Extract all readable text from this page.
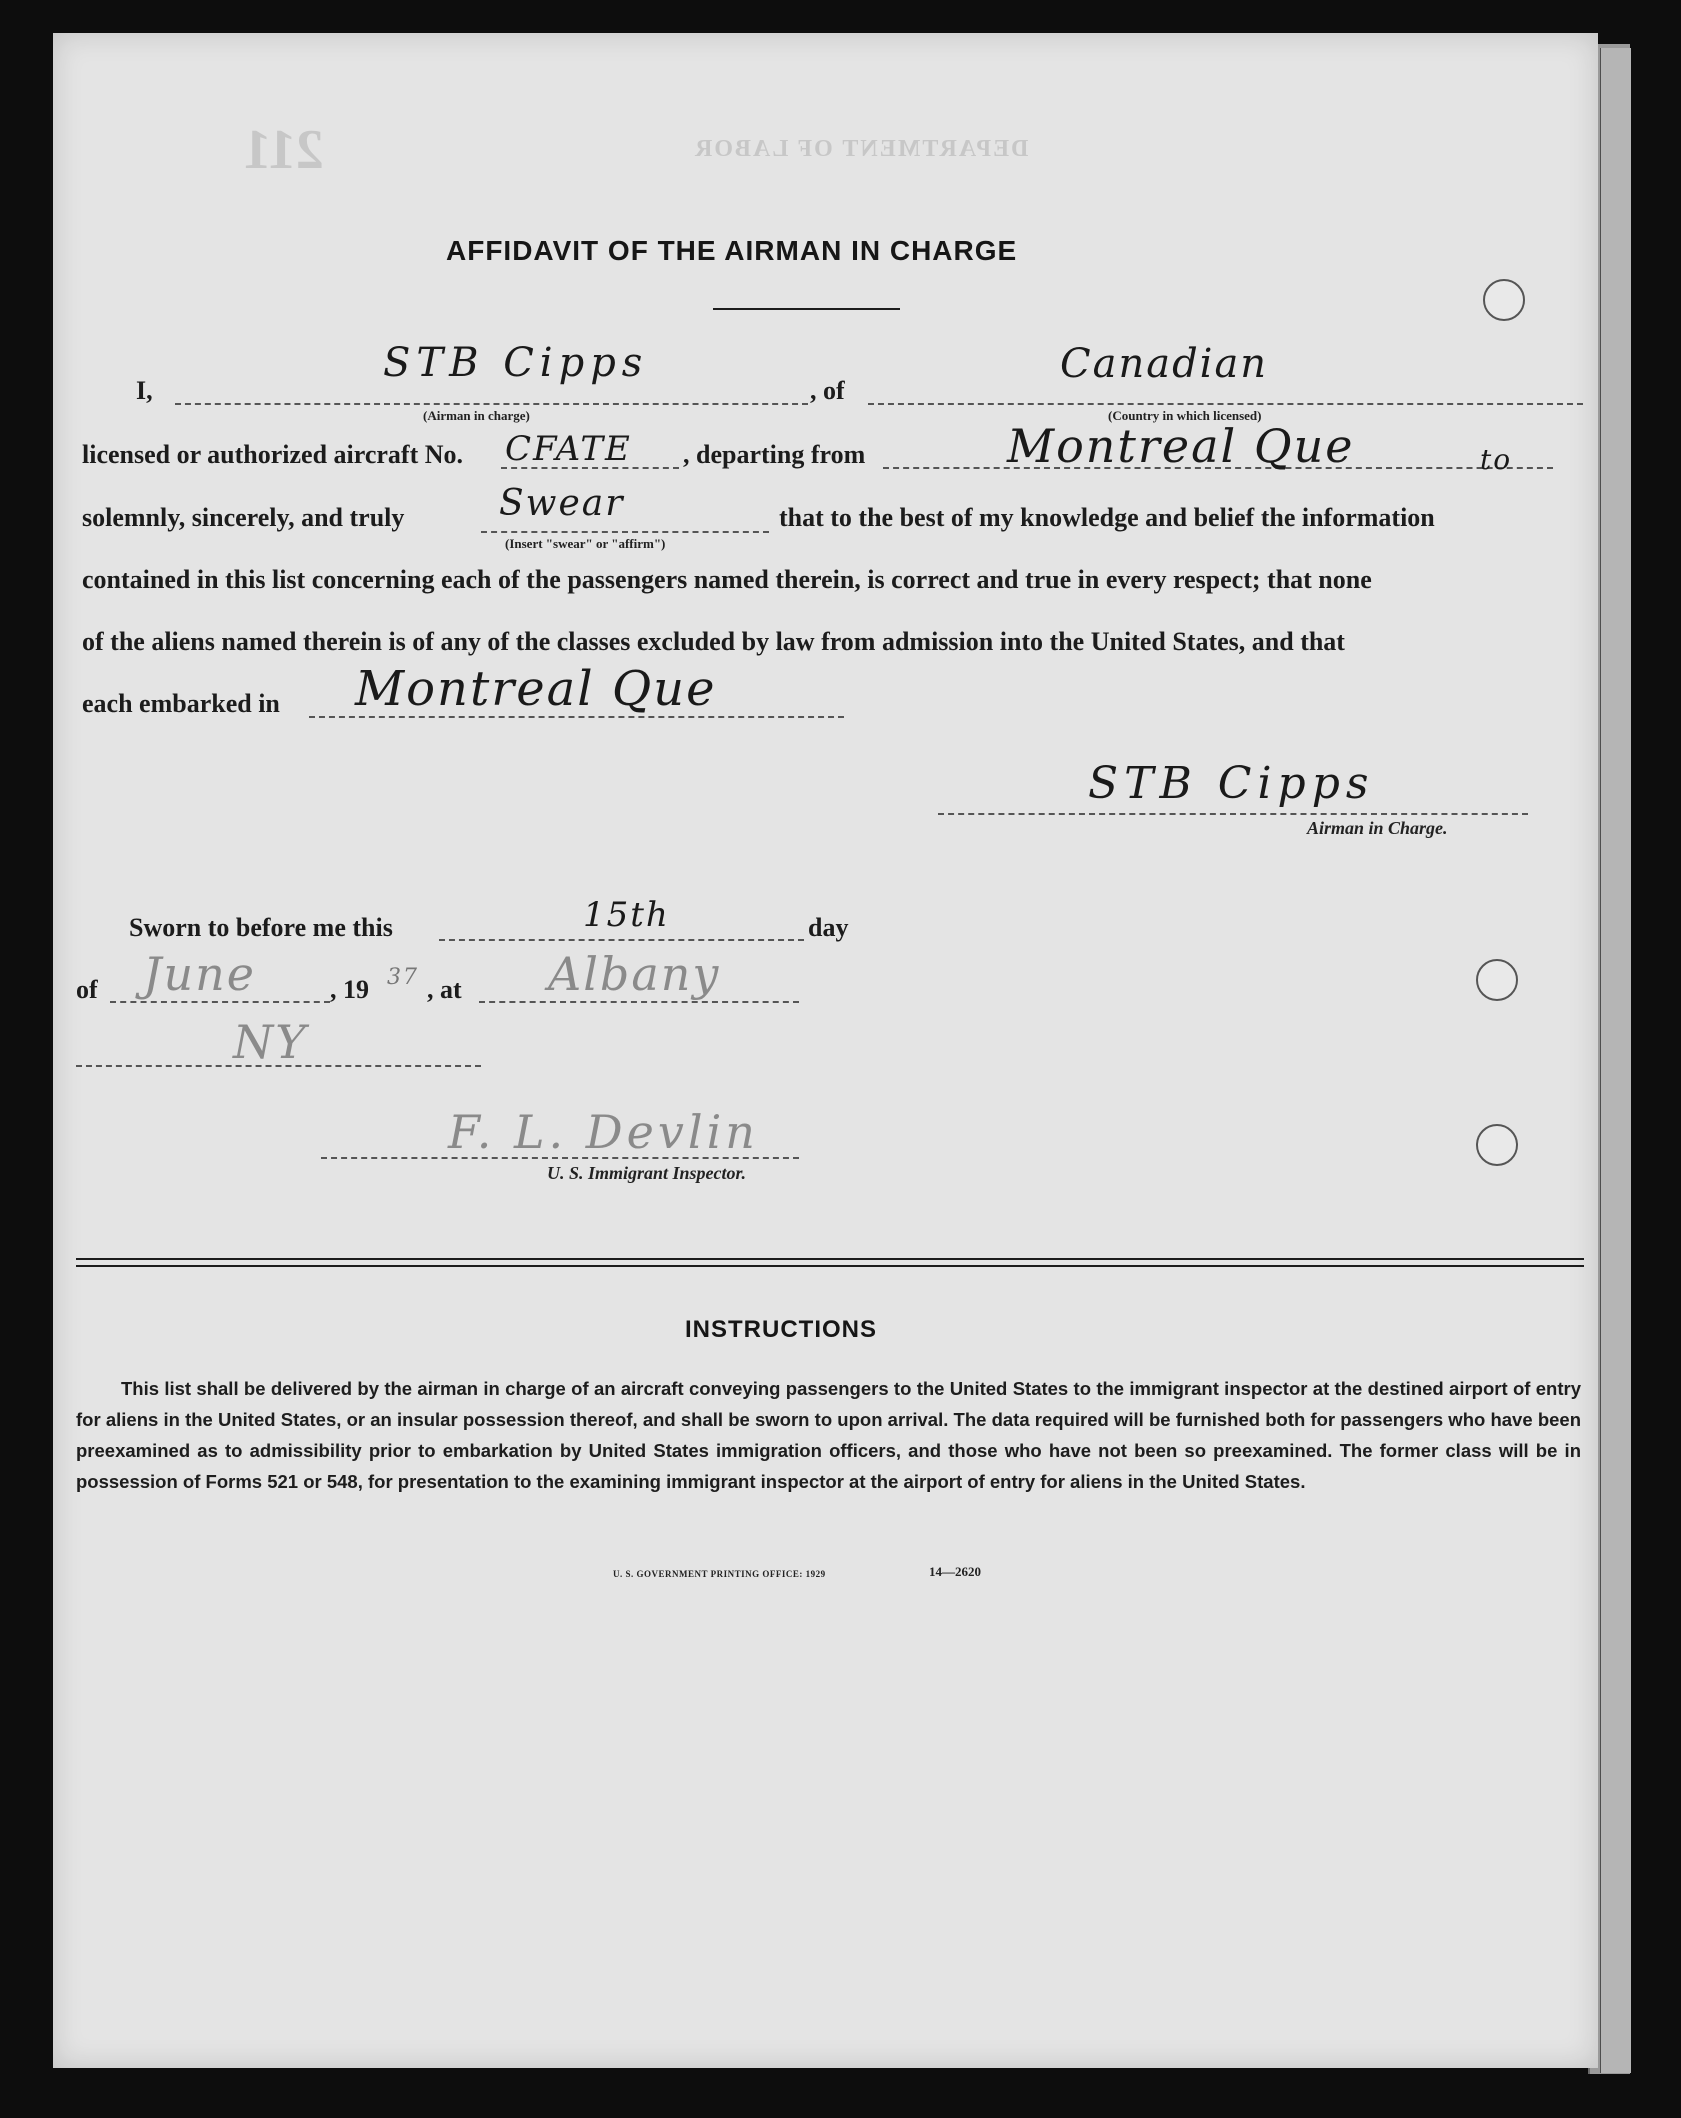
211	DEPARTMENT OF LABOR
AFFIDAVIT OF THE AIRMAN IN CHARGE
I,
STB Cipps
(Airman in charge)
, of
Canadian
(Country in which licensed)
licensed or authorized aircraft No. CFATE , departing from	Montreal Que	to
solemnly, sincerely, and truly	Swear
(Insert "swear" or "affirm")
that to the best of my knowledge and belief the information
contained in this list concerning each of the passengers named therein, is correct and true in every respect; that none
of the aliens named therein is of any of the classes excluded by law from admission into the United States, and that
each embarked in Montreal Que
STB Cipps
Airman in Charge.
Sworn to before me this	15th	day
of June	, 19 37 , at Albany
NY
F. L. Devlin
U. S. Immigrant Inspector.
INSTRUCTIONS
This list shall be delivered by the airman in charge of an aircraft conveying passengers to the United States to the immigrant inspector at the destined airport of entry for aliens in the United States, or an insular possession thereof, and shall be sworn to upon arrival. The data required will be furnished both for passengers who have been preexamined as to admissibility prior to embarkation by United States immigration officers, and those who have not been so preexamined. The former class will be in possession of Forms 521 or 548, for presentation to the examining immigrant inspector at the airport of entry for aliens in the United States.
U. S. GOVERNMENT PRINTING OFFICE: 1929	14—2620
